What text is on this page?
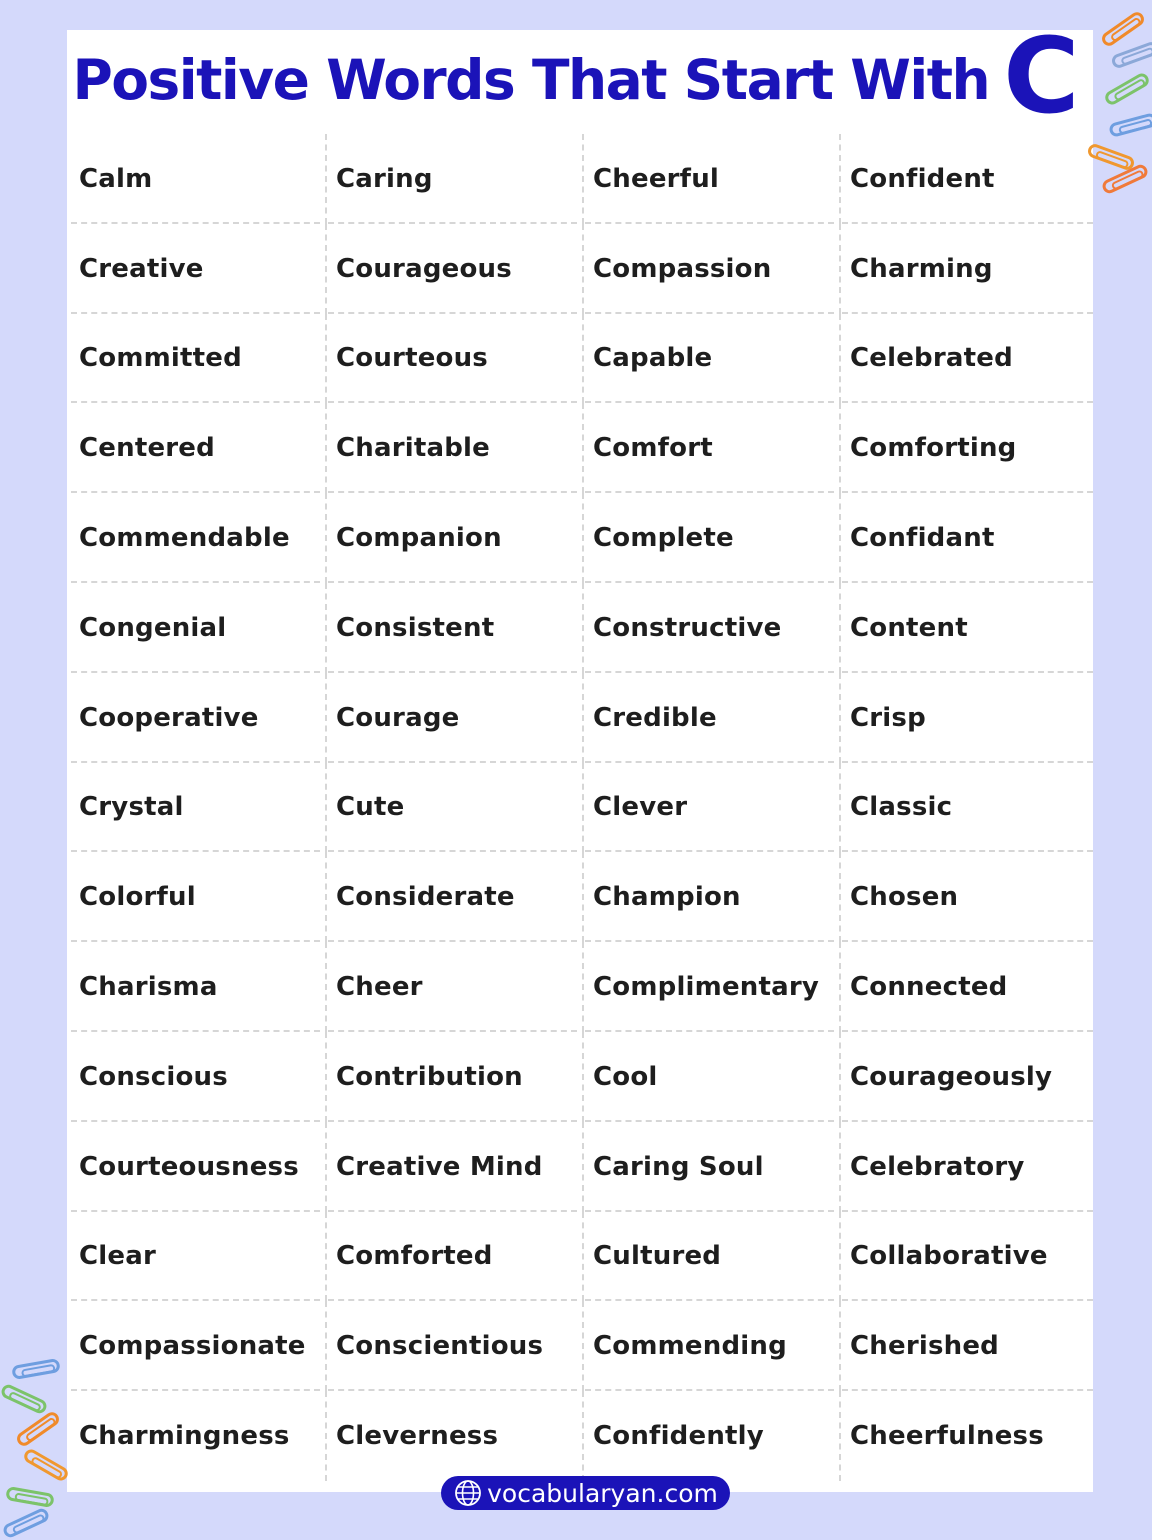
Positive Words That Start With C
Calm	Caring	Cheerful	Confident
Creative	Courageous	Compassion	Charming
Committed	Courteous	Capable	Celebrated
Centered	Charitable	Comfort	Comforting
Commendable	Companion	Complete	Confidant
Congenial	Consistent	Constructive	Content
Cooperative	Courage	Credible	Crisp
Crystal	Cute	Clever	Classic
Colorful	Considerate	Champion	Chosen
Charisma	Cheer	Complimentary	Connected
Conscious	Contribution	Cool	Courageously
Courteousness	Creative Mind	Caring Soul	Celebratory
Clear	Comforted	Cultured	Collaborative
Compassionate	Conscientious	Commending	Cherished
Charmingness	Cleverness	Confidently	Cheerfulness
vocabularyan.com
